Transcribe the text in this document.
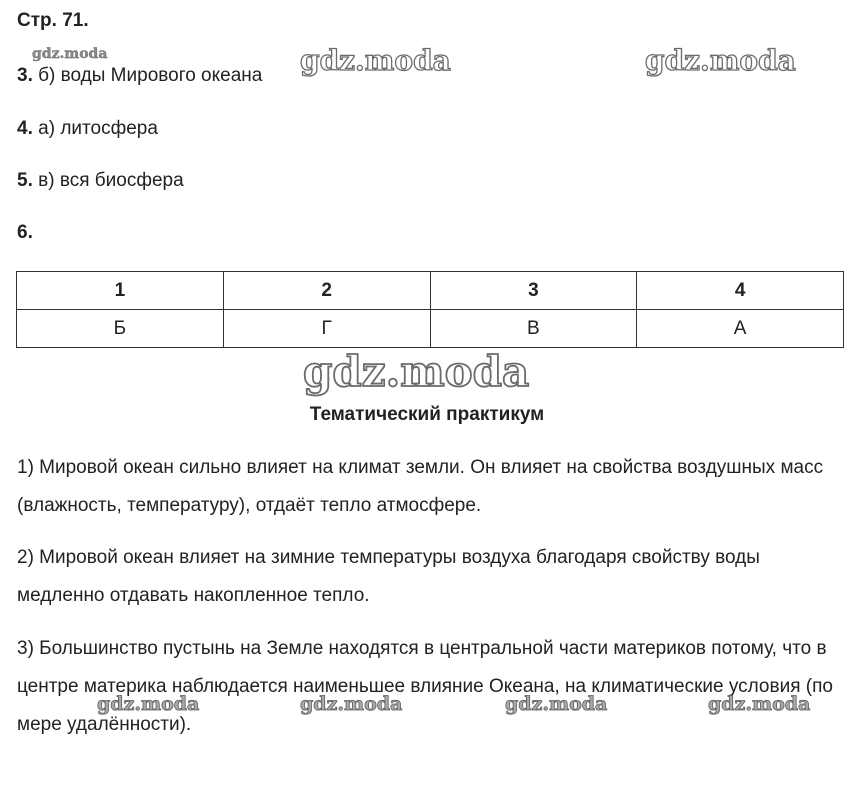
Стр. 71.
gdz.moda	gdz.moda	gdz.moda
3. б) воды Мирового океана
4. а) литосфера
5. в) вся биосфера
6.
1	2	3	4
Б	Г	В	А
gdz.moda
Тематический практикум
1) Мировой океан сильно влияет на климат земли. Он влияет на свойства воздушных масс (влажность, температуру), отдаёт тепло атмосфере.
2) Мировой океан влияет на зимние температуры воздуха благодаря свойству воды медленно отдавать накопленное тепло.
3) Большинство пустынь на Земле находятся в центральной части материков потому, что в центре материка наблюдается наименьшее влияние Океана, на климатические условия (по мере удалённости).
gdz.moda	gdz.moda	gdz.moda	gdz.moda
